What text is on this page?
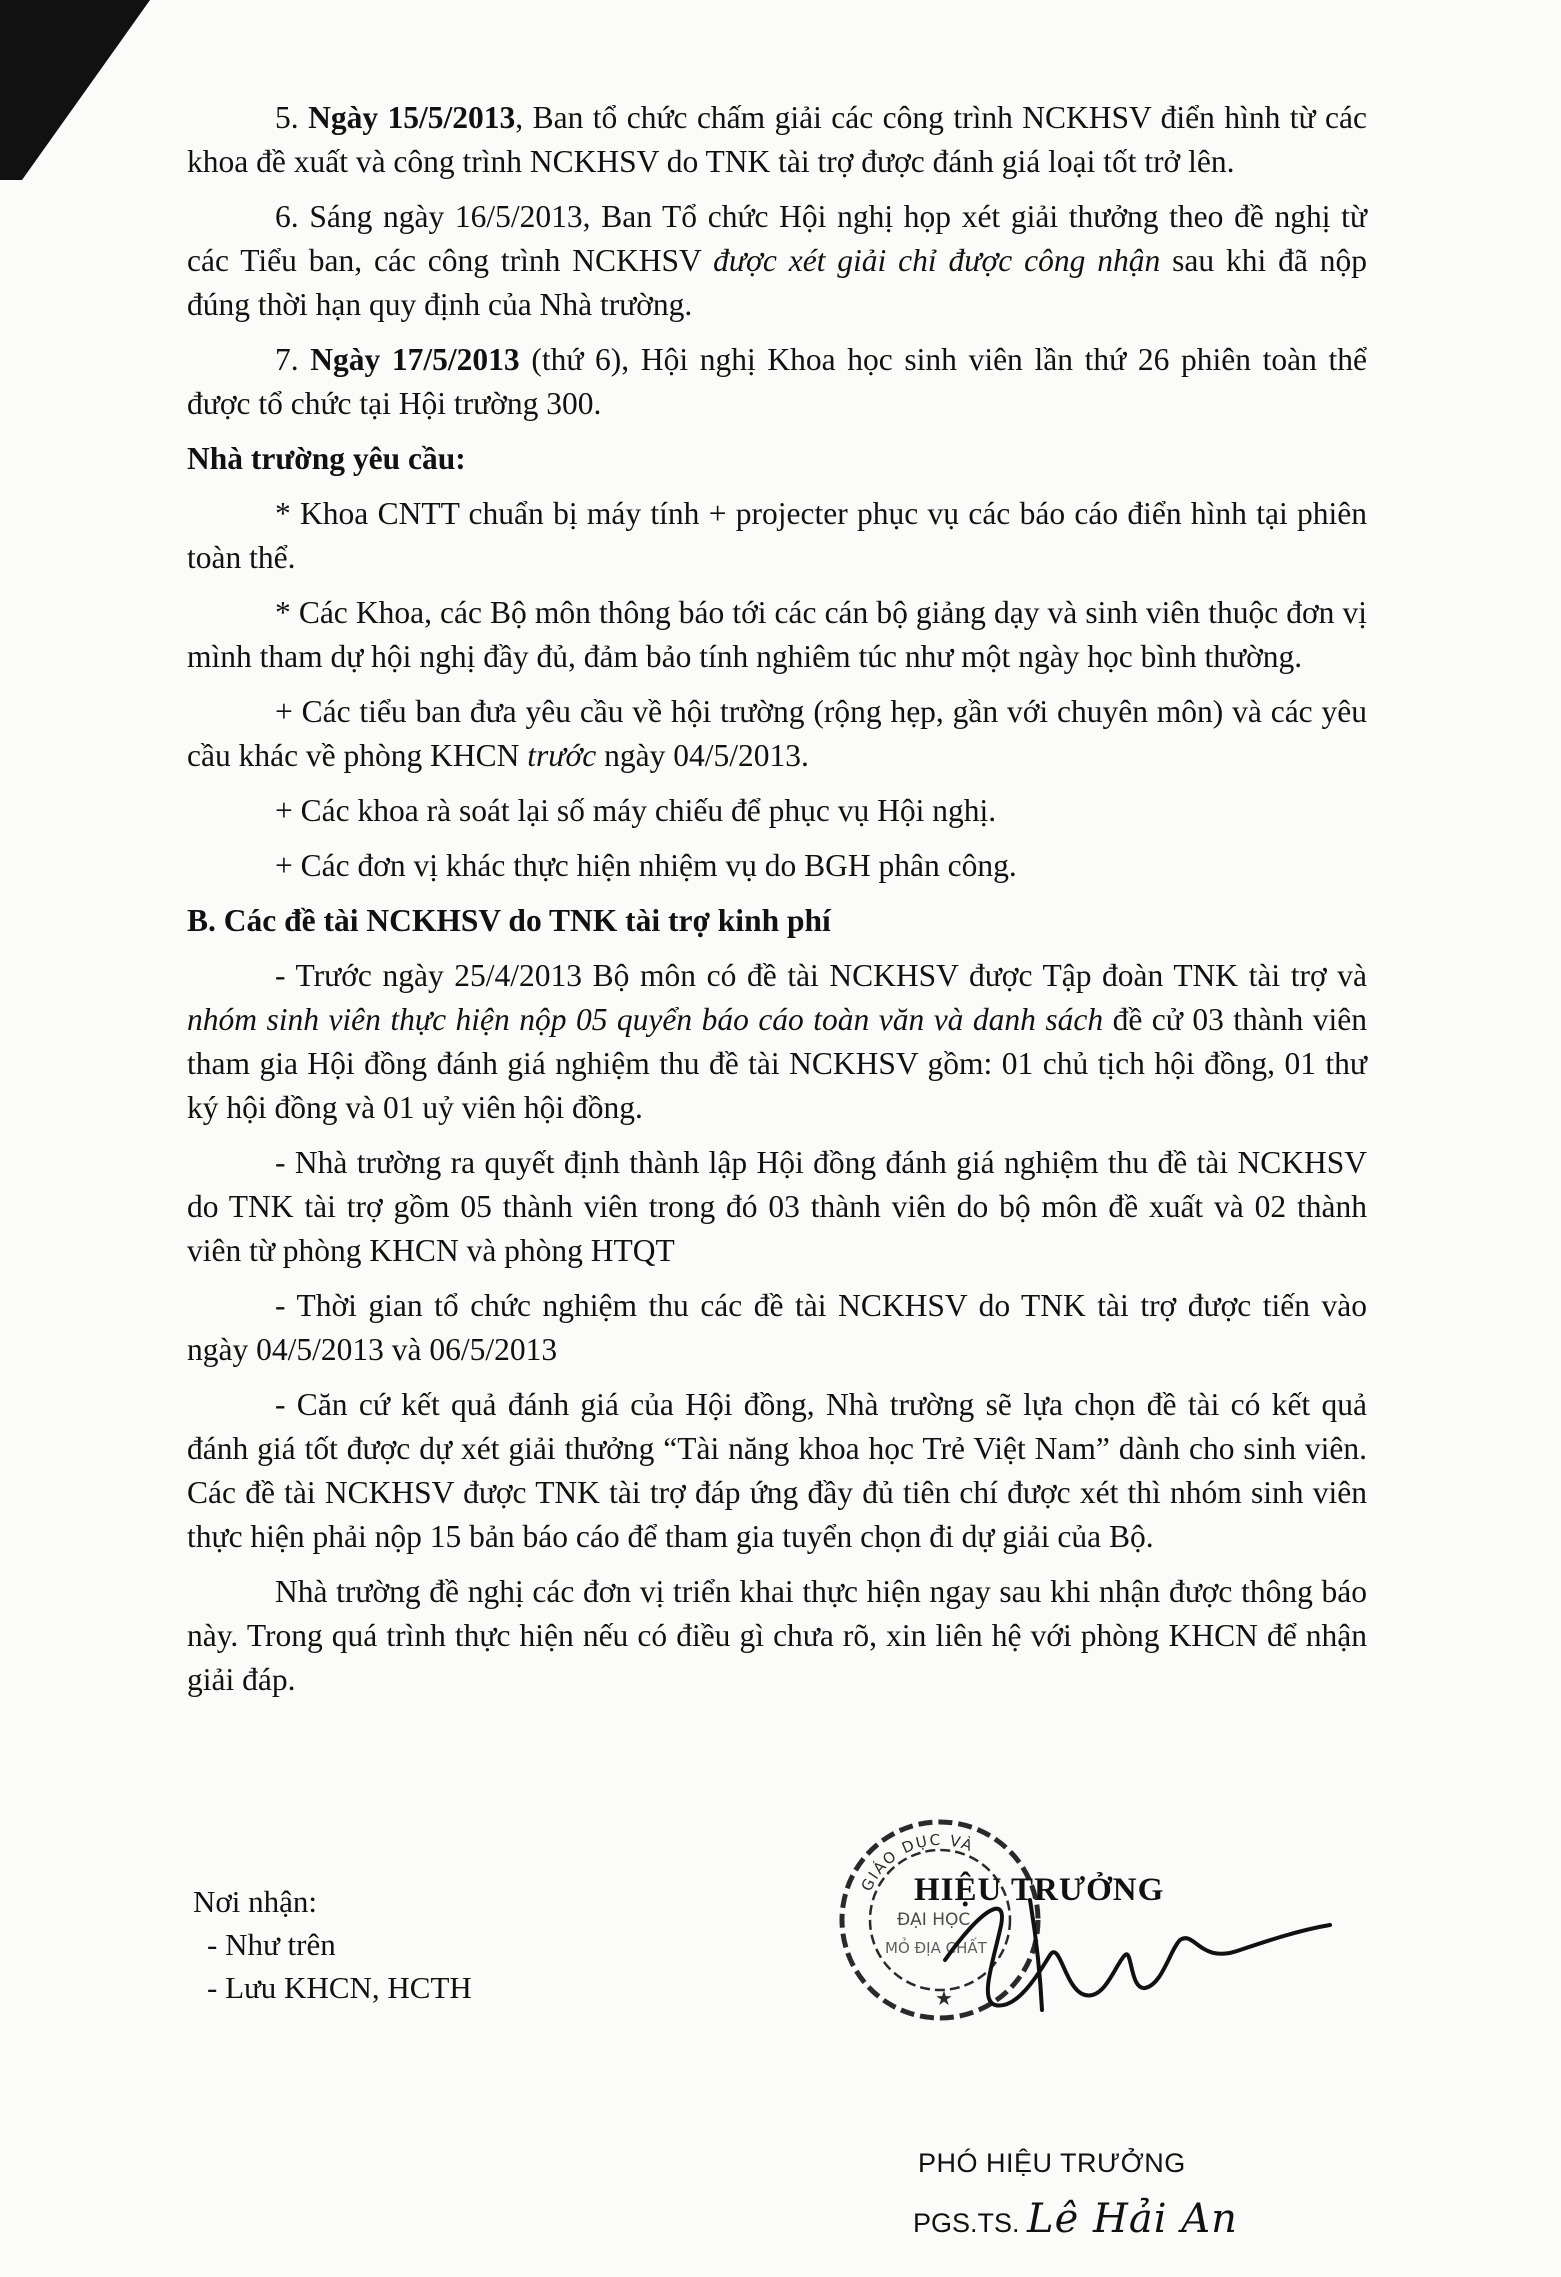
5. Ngày 15/5/2013, Ban tổ chức chấm giải các công trình NCKHSV điển hình từ các khoa đề xuất và công trình NCKHSV do TNK tài trợ được đánh giá loại tốt trở lên.

6. Sáng ngày 16/5/2013, Ban Tổ chức Hội nghị họp xét giải thưởng theo đề nghị từ các Tiểu ban, các công trình NCKHSV được xét giải chỉ được công nhận sau khi đã nộp đúng thời hạn quy định của Nhà trường.

7. Ngày 17/5/2013 (thứ 6), Hội nghị Khoa học sinh viên lần thứ 26 phiên toàn thể được tổ chức tại Hội trường 300.

Nhà trường yêu cầu:

* Khoa CNTT chuẩn bị máy tính + projecter phục vụ các báo cáo điển hình tại phiên toàn thể.

* Các Khoa, các Bộ môn thông báo tới các cán bộ giảng dạy và sinh viên thuộc đơn vị mình tham dự hội nghị đầy đủ, đảm bảo tính nghiêm túc như một ngày học bình thường.

+ Các tiểu ban đưa yêu cầu về hội trường (rộng hẹp, gần với chuyên môn) và các yêu cầu khác về phòng KHCN trước ngày 04/5/2013.

+ Các khoa rà soát lại số máy chiếu để phục vụ Hội nghị.

+ Các đơn vị khác thực hiện nhiệm vụ do BGH phân công.

B. Các đề tài NCKHSV do TNK tài trợ kinh phí

- Trước ngày 25/4/2013 Bộ môn có đề tài NCKHSV được Tập đoàn TNK tài trợ và nhóm sinh viên thực hiện nộp 05 quyển báo cáo toàn văn và danh sách đề cử 03 thành viên tham gia Hội đồng đánh giá nghiệm thu đề tài NCKHSV gồm: 01 chủ tịch hội đồng, 01 thư ký hội đồng và 01 uỷ viên hội đồng.

- Nhà trường ra quyết định thành lập Hội đồng đánh giá nghiệm thu đề tài NCKHSV do TNK tài trợ gồm 05 thành viên trong đó 03 thành viên do bộ môn đề xuất và 02 thành viên từ phòng KHCN và phòng HTQT

- Thời gian tổ chức nghiệm thu các đề tài NCKHSV do TNK tài trợ được tiến vào ngày 04/5/2013 và 06/5/2013

- Căn cứ kết quả đánh giá của Hội đồng, Nhà trường sẽ lựa chọn đề tài có kết quả đánh giá tốt được dự xét giải thưởng “Tài năng khoa học Trẻ Việt Nam” dành cho sinh viên. Các đề tài NCKHSV được TNK tài trợ đáp ứng đầy đủ tiên chí được xét thì nhóm sinh viên thực hiện phải nộp 15 bản báo cáo để tham gia tuyển chọn đi dự giải của Bộ.

Nhà trường đề nghị các đơn vị triển khai thực hiện ngay sau khi nhận được thông báo này. Trong quá trình thực hiện nếu có điều gì chưa rõ, xin liên hệ với phòng KHCN để nhận giải đáp.

Nơi nhận:
- Như trên
- Lưu KHCN, HCTH
GIÁO DỤC VÀ
ĐẠI HỌC
MỎ ĐỊA CHẤT
★
HIỆU TRƯỞNG
PHÓ HIỆU TRƯỞNG
PGS.TS. Lê Hải An
